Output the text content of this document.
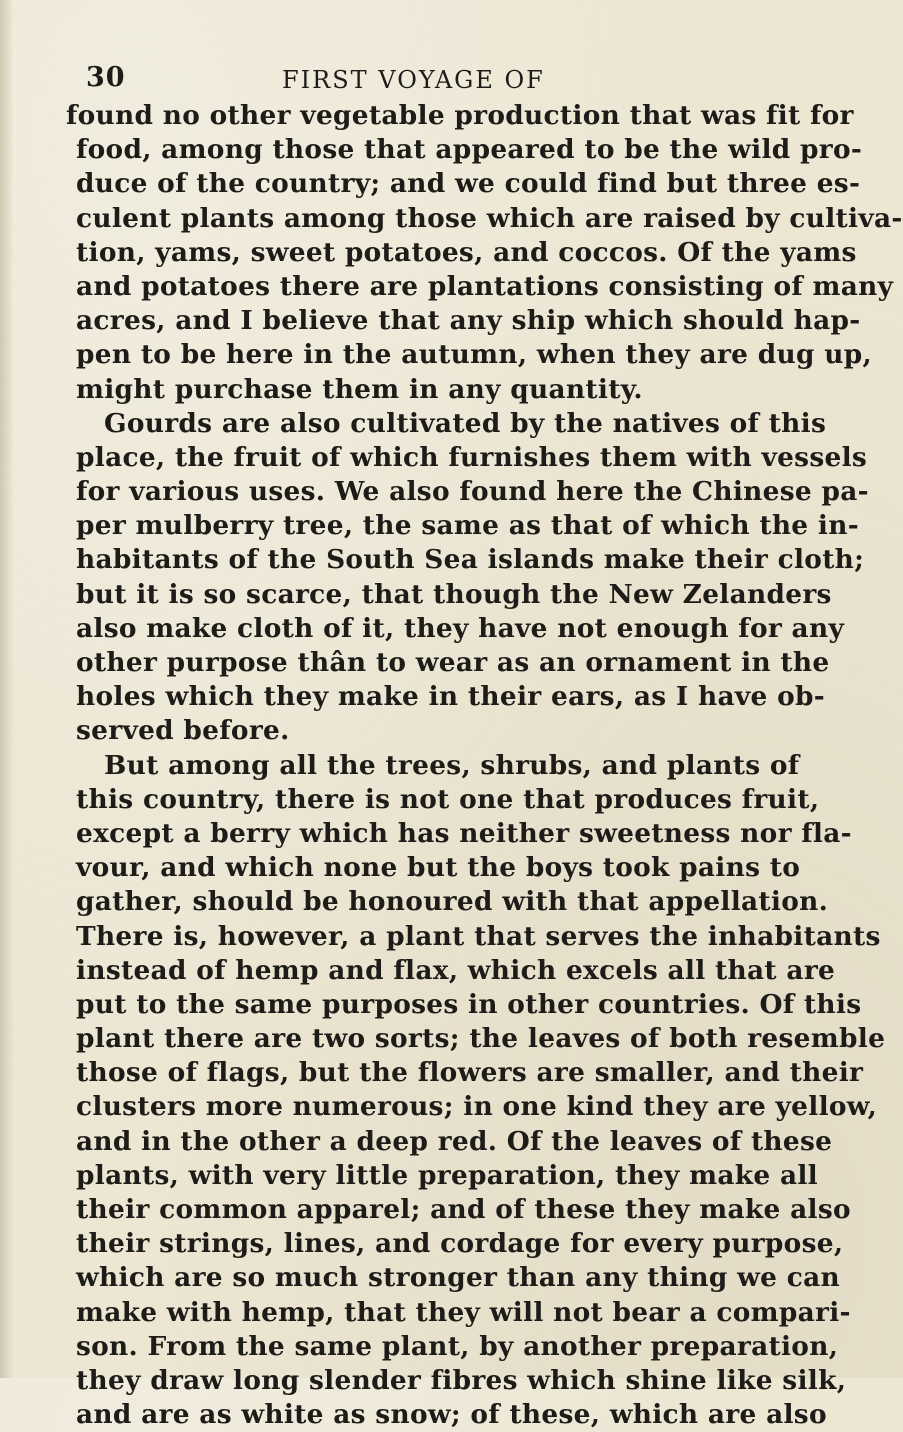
30	FIRST VOYAGE OF
found no other vegetable production that was fit for
food, among those that appeared to be the wild pro-
duce of the country; and we could find but three es-
culent plants among those which are raised by cultiva-
tion, yams, sweet potatoes, and coccos. Of the yams
and potatoes there are plantations consisting of many
acres, and I believe that any ship which should hap-
pen to be here in the autumn, when they are dug up,
might purchase them in any quantity.
Gourds are also cultivated by the natives of this
place, the fruit of which furnishes them with vessels
for various uses. We also found here the Chinese pa-
per mulberry tree, the same as that of which the in-
habitants of the South Sea islands make their cloth;
but it is so scarce, that though the New Zelanders
also make cloth of it, they have not enough for any
other purpose thân to wear as an ornament in the
holes which they make in their ears, as I have ob-
served before.
But among all the trees, shrubs, and plants of
this country, there is not one that produces fruit,
except a berry which has neither sweetness nor fla-
vour, and which none but the boys took pains to
gather, should be honoured with that appellation.
There is, however, a plant that serves the inhabitants
instead of hemp and flax, which excels all that are
put to the same purposes in other countries. Of this
plant there are two sorts; the leaves of both resemble
those of flags, but the flowers are smaller, and their
clusters more numerous; in one kind they are yellow,
and in the other a deep red. Of the leaves of these
plants, with very little preparation, they make all
their common apparel; and of these they make also
their strings, lines, and cordage for every purpose,
which are so much stronger than any thing we can
make with hemp, that they will not bear a compari-
son. From the same plant, by another preparation,
they draw long slender fibres which shine like silk,
and are as white as snow; of these, which are also
